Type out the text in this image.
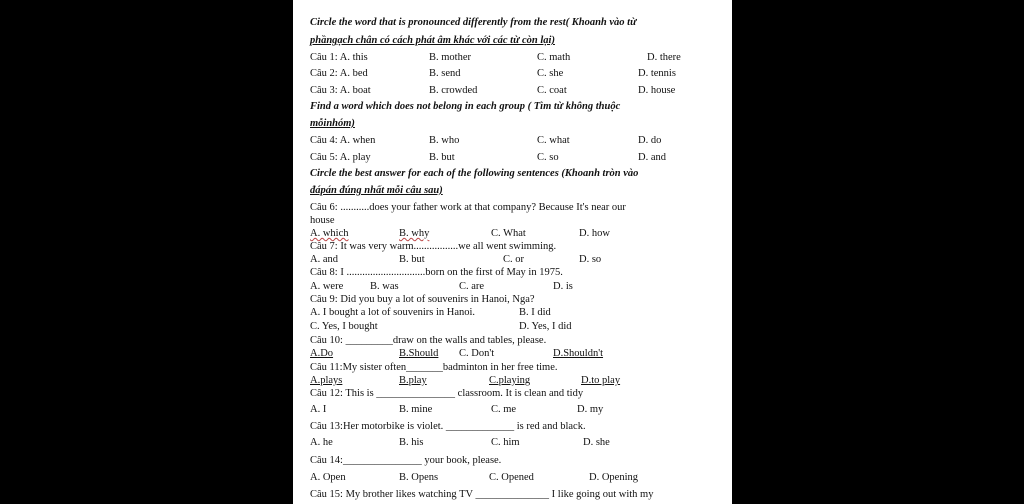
Circle the word that is pronounced differently from the rest( Khoanh vào từ
phầngạch chân có cách phát âm khác với các từ còn lại)
Câu 1: A. this	B. mother	C. math	D. there
Câu 2: A. bed	B. send	C. she	D. tennis
Câu 3: A. boat	B. crowded	C. coat	D. house
Find a word which does not belong in each group ( Tìm từ không thuộc
mỗinhóm)
Câu 4: A. when	B. who	C. what	D. do
Câu 5: A. play	B. but	C. so	D. and
Circle the best answer for each of the following sentences (Khoanh tròn vào
đápán đúng nhất mỗi câu sau)
Câu 6: ...........does your father work at that company? Because It's near our
house
A. which	B. why	C. What	D. how
Câu 7: It was very warm.................we all went swimming.
A. and	B. but	C. or	D. so
Câu 8: I ..............................born on the first of May in 1975.
A. were	B. was	C. are	D. is
Câu 9: Did you buy a lot of souvenirs in Hanoi, Nga?
A. I bought a lot of souvenirs in Hanoi.	B. I did
C. Yes, I bought	D. Yes, I did
Câu 10: _________draw on the walls and tables, please.
A.Do	B.Should C. Don't	D.Shouldn't
Câu 11:My sister often_______badminton in her free time.
A.plays	B.play	C.playing	D.to play
Câu 12: This is _______________ classroom. It is clean and tidy
A. I	B. mine	C. me	D. my
Câu 13:Her motorbike is violet. _____________ is red and black.
A. he	B. his	C. him	D. she
Câu 14:_______________ your book, please.
A. Open	B. Opens	C. Opened	D. Opening
Câu 15: My brother likes watching TV ______________ I like going out with my
